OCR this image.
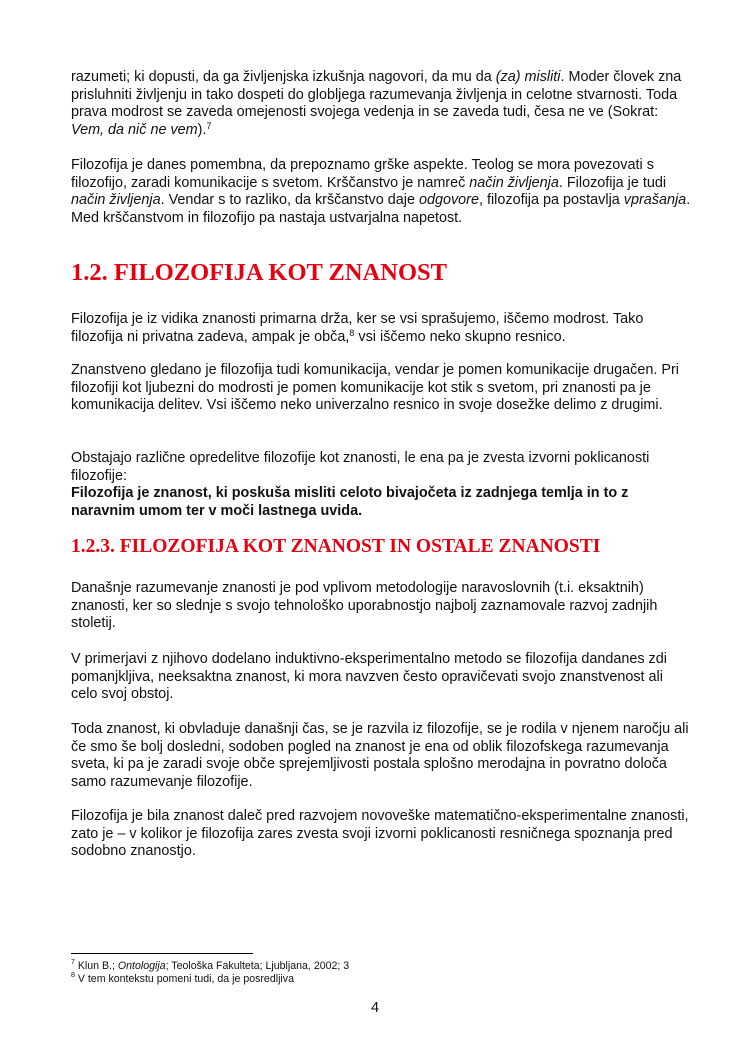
razumeti; ki dopusti, da ga življenjska izkušnja nagovori, da mu da (za) misliti. Moder človek zna prisluhniti življenju in tako dospeti do globljega razumevanja življenja in celotne stvarnosti. Toda prava modrost se zaveda omejenosti svojega vedenja in se zaveda tudi, česa ne ve (Sokrat: Vem, da nič ne vem).$^7$

Filozofija je danes pomembna, da prepoznamo grške aspekte. Teolog se mora povezovati s filozofijo, zaradi komunikacije s svetom. Krščanstvo je namreč način življenja. Filozofija je tudi način življenja. Vendar s to razliko, da krščanstvo daje odgovore, filozofija pa postavlja vprašanja. Med krščanstvom in filozofijo pa nastaja ustvarjalna napetost.

1.2. FILOZOFIJA KOT ZNANOST

Filozofija je iz vidika znanosti primarna drža, ker se vsi sprašujemo, iščemo modrost. Tako filozofija ni privatna zadeva, ampak je obča,$^8$ vsi iščemo neko skupno resnico.

Znanstveno gledano je filozofija tudi komunikacija, vendar je pomen komunikacije drugačen. Pri filozofiji kot ljubezni do modrosti je pomen komunikacije kot stik s svetom, pri znanosti pa je komunikacija delitev. Vsi iščemo neko univerzalno resnico in svoje dosežke delimo z drugimi.

Obstajajo različne opredelitve filozofije kot znanosti, le ena pa je zvesta izvorni poklicanosti filozofije:
Filozofija je znanost, ki poskuša misliti celoto bivajočeta iz zadnjega temlja in to z naravnim umom ter v moči lastnega uvida.

1.2.3. FILOZOFIJA KOT ZNANOST IN OSTALE ZNANOSTI

Današnje razumevanje znanosti je pod vplivom metodologije naravoslovnih (t.i. eksaktnih) znanosti, ker so slednje s svojo tehnološko uporabnostjo najbolj zaznamovale razvoj zadnjih stoletij.

V primerjavi z njihovo dodelano induktivno-eksperimentalno metodo se filozofija dandanes zdi pomanjkljiva, neeksaktna znanost, ki mora navzven često opravičevati svojo znanstvenost ali celo svoj obstoj.

Toda znanost, ki obvladuje današnji čas, se je razvila iz filozofije, se je rodila v njenem naročju ali če smo še bolj dosledni, sodoben pogled na znanost je ena od oblik filozofskega razumevanja sveta, ki pa je zaradi svoje obče sprejemljivosti postala splošno merodajna in povratno določa samo razumevanje filozofije.

Filozofija je bila znanost daleč pred razvojem novoveške matematično-eksperimentalne znanosti, zato je – v kolikor je filozofija zares zvesta svoji izvorni poklicanosti resničnega spoznanja pred sodobno znanostjo.

$^7$ Klun B.; Ontologija; Teološka Fakulteta; Ljubljana, 2002; 3

$^8$ V tem kontekstu pomeni tudi, da je posredljiva

4
